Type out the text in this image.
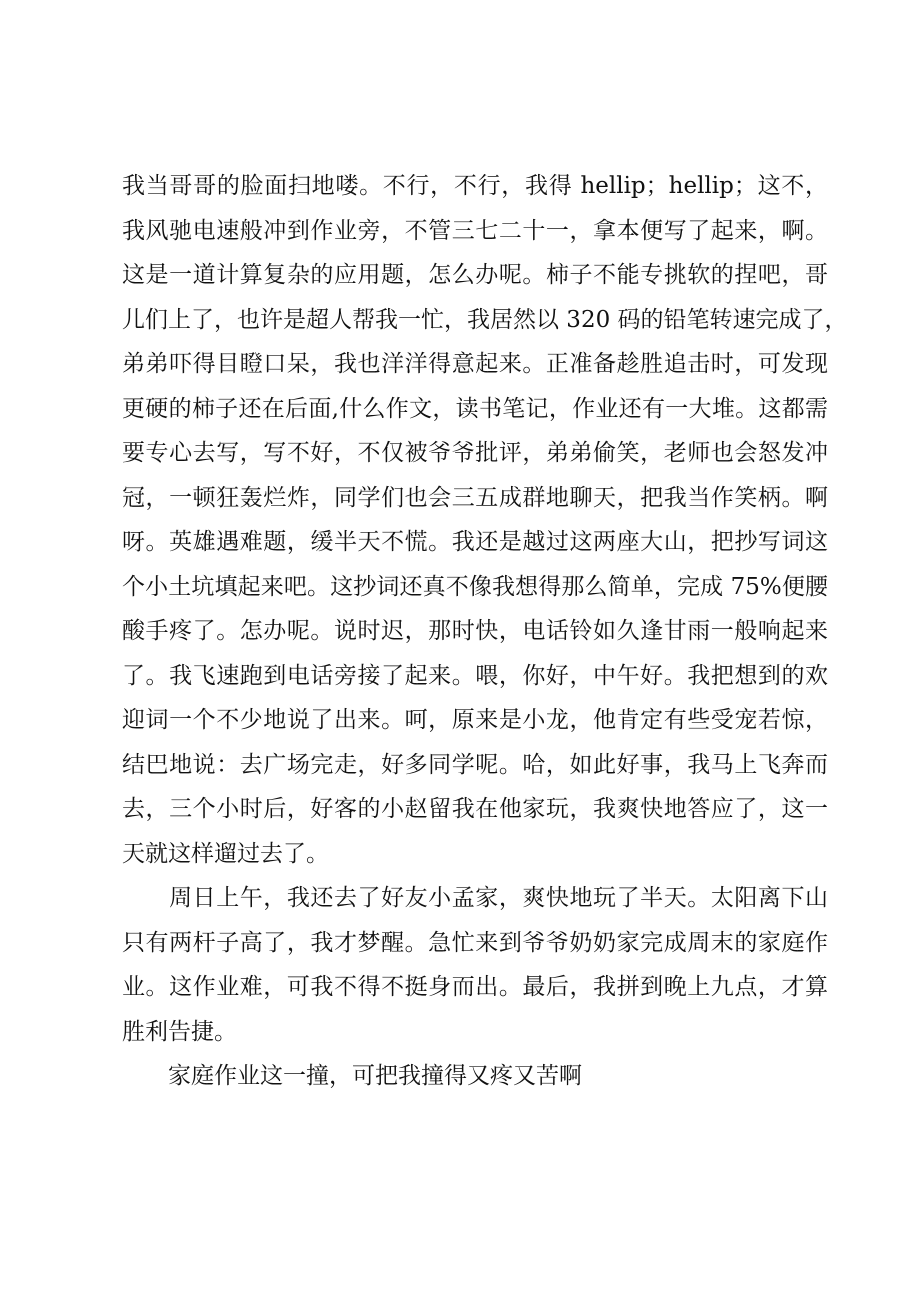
我当哥哥的脸面扫地喽。不行，不行，我得 hellip；hellip；这不，
我风驰电速般冲到作业旁，不管三七二十一，拿本便写了起来，啊。
这是一道计算复杂的应用题，怎么办呢。柿子不能专挑软的捏吧，哥
儿们上了，也许是超人帮我一忙，我居然以 320 码的铅笔转速完成了，
弟弟吓得目瞪口呆，我也洋洋得意起来。正准备趁胜追击时，可发现
更硬的柿子还在后面,什么作文，读书笔记，作业还有一大堆。这都需
要专心去写，写不好，不仅被爷爷批评，弟弟偷笑，老师也会怒发冲
冠，一顿狂轰烂炸，同学们也会三五成群地聊天，把我当作笑柄。啊
呀。英雄遇难题，缓半天不慌。我还是越过这两座大山，把抄写词这
个小土坑填起来吧。这抄词还真不像我想得那么简单，完成 75%便腰
酸手疼了。怎办呢。说时迟，那时快，电话铃如久逢甘雨一般响起来
了。我飞速跑到电话旁接了起来。喂，你好，中午好。我把想到的欢
迎词一个不少地说了出来。呵，原来是小龙，他肯定有些受宠若惊，
结巴地说：去广场完走，好多同学呢。哈，如此好事，我马上飞奔而
去，三个小时后，好客的小赵留我在他家玩，我爽快地答应了，这一
天就这样遛过去了。
　　周日上午，我还去了好友小孟家，爽快地玩了半天。太阳离下山
只有两杆子高了，我才梦醒。急忙来到爷爷奶奶家完成周末的家庭作
业。这作业难，可我不得不挺身而出。最后，我拼到晚上九点，才算
胜利告捷。
　　家庭作业这一撞，可把我撞得又疼又苦啊
